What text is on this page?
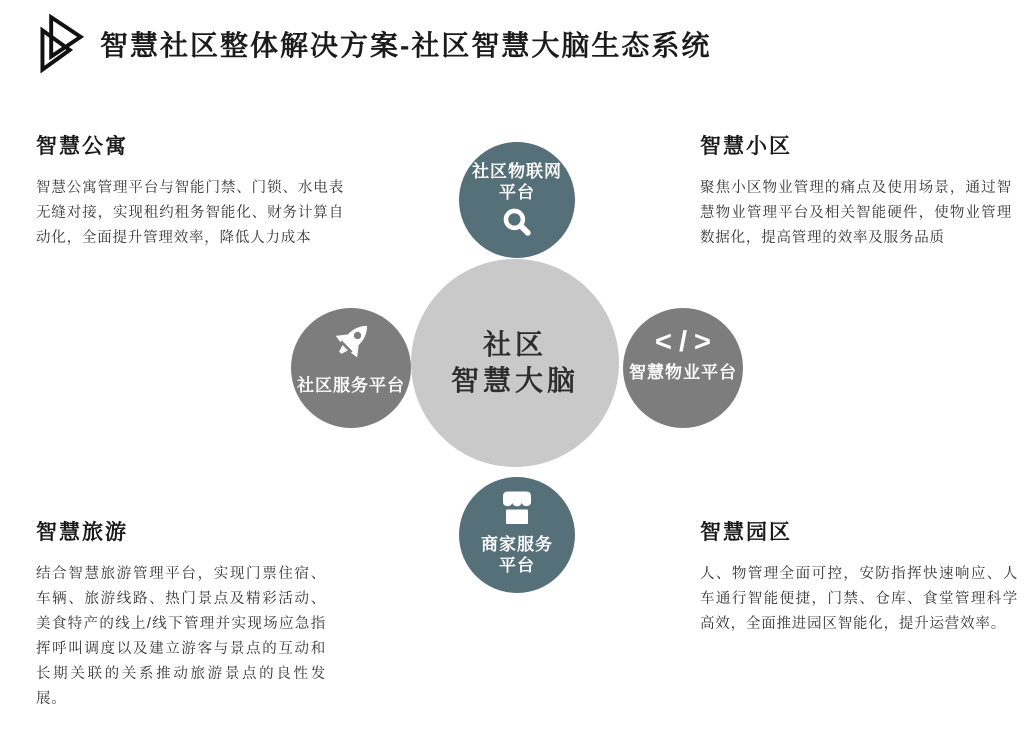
智慧社区整体解决方案-社区智慧大脑生态系统
智慧公寓

智慧公寓管理平台与智能门禁、门锁、水电表无缝对接，实现租约租务智能化、财务计算自动化，全面提升管理效率，降低人力成本

智慧小区

聚焦小区物业管理的痛点及使用场景，通过智慧物业管理平台及相关智能硬件，使物业管理数据化，提高管理的效率及服务品质

智慧旅游

结合智慧旅游管理平台，实现门票住宿、车辆、旅游线路、热门景点及精彩活动、美食特产的线上/线下管理并实现场应急指挥呼叫调度以及建立游客与景点的互动和长期关联的关系推动旅游景点的良性发展。

智慧园区

人、物管理全面可控，安防指挥快速响应、人车通行智能便捷，门禁、仓库、食堂管理科学高效，全面推进园区智能化，提升运营效率。

社区
智慧大脑
社区物联网
平台
商家服务
平台
社区服务平台
</>
智慧物业平台
